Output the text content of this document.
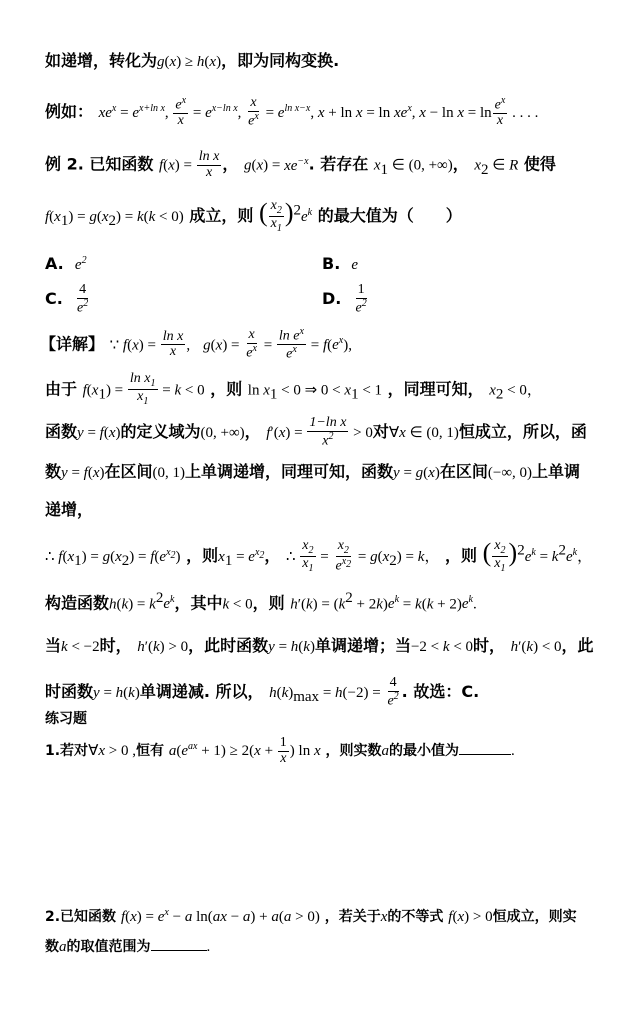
如递增，转化为g(x) ≥ h(x)，即为同构变换.
例如： $xe^x = e^{x+ln x}$, $\frac{e^x}{x} = e^{x-ln x}$, $\frac{x}{e^x} = e^{ln x-x}$, $x + \ln x = \ln xe^x$, $x - \ln x = \ln \frac{e^x}{x}$ . . . .
例 2. 已知函数 $f(x) = \frac{\text{ln x}}{x}$ ， $g(x) = xe^{-x}$. 若存在 $x_1$ ∈ (0, +∞)， $x_2$ ∈ R 使得
$f(x_1) = g(x_2) = k(k < 0)$ 成立，则 ( $\frac{x_2}{x_1} )^2e^k$ 的最大值为（　　）
A. $e^2$	B. e
C. $\frac{4}{e^2}$	D. $\frac{1}{e^2}$
【详解】 ∵ $f(x) = \frac{\text{ln x}}{x}$ ,   $g(x) = \frac{x}{e^x} = \frac{\ln e^x}{e^x} = f(e^x)$,
由于 $f(x_1) = \frac{\ln x_1}{x_1} = k < 0$ ，则 $\ln x_1 < 0$ ⇒ $0 < x_1 < 1$ ，同理可知， $x_2 < 0$，
函数y = f(x)的定义域为(0, +∞)， $f'(x) = \frac{\text{1−ln x}}{x^2} > 0$对∀x ∈ (0, 1)恒成立，所以，函
数y = f(x)在区间(0, 1)上单调递增，同理可知，函数y = g(x)在区间(−∞, 0)上单调
递增，
∴ $f(x_1) = g(x_2) = f(e^{x_2})$ ，则$x_1 = e^{x_2}$， ∴ $\frac{x_2}{x_1} = \frac{x_2}{e^{x_2}} = g(x_2) = k$， ，则 ( $\frac{x_2}{x_1} )^2e^k = k^2e^k$，
构造函数$h(k) = k^2e^k$，其中k < 0，则 $h'(k) = (k^2 + 2k)e^k = k(k + 2)e^k$.
当k < −2时， h′(k) > 0，此时函数y = h(k)单调递增；当−2 < k < 0时， h′(k) < 0，此
时函数y = h(k)单调递减. 所以， $h(k)_{max} = h(-2) = \frac{4}{e^2}$ . 故选：C.
练习题
1.若对∀x > 0 ,恒有 $a(e^{ax} + 1) \ge 2(x + \frac{1}{x}$ ) ln x ，则实数a的最小值为	.
2.已知函数 $f(x) = e^x - a$ ln(ax − a) + a(a > 0) ，若关于x的不等式 f(x) > 0恒成立，则实
数a的取值范围为	.
